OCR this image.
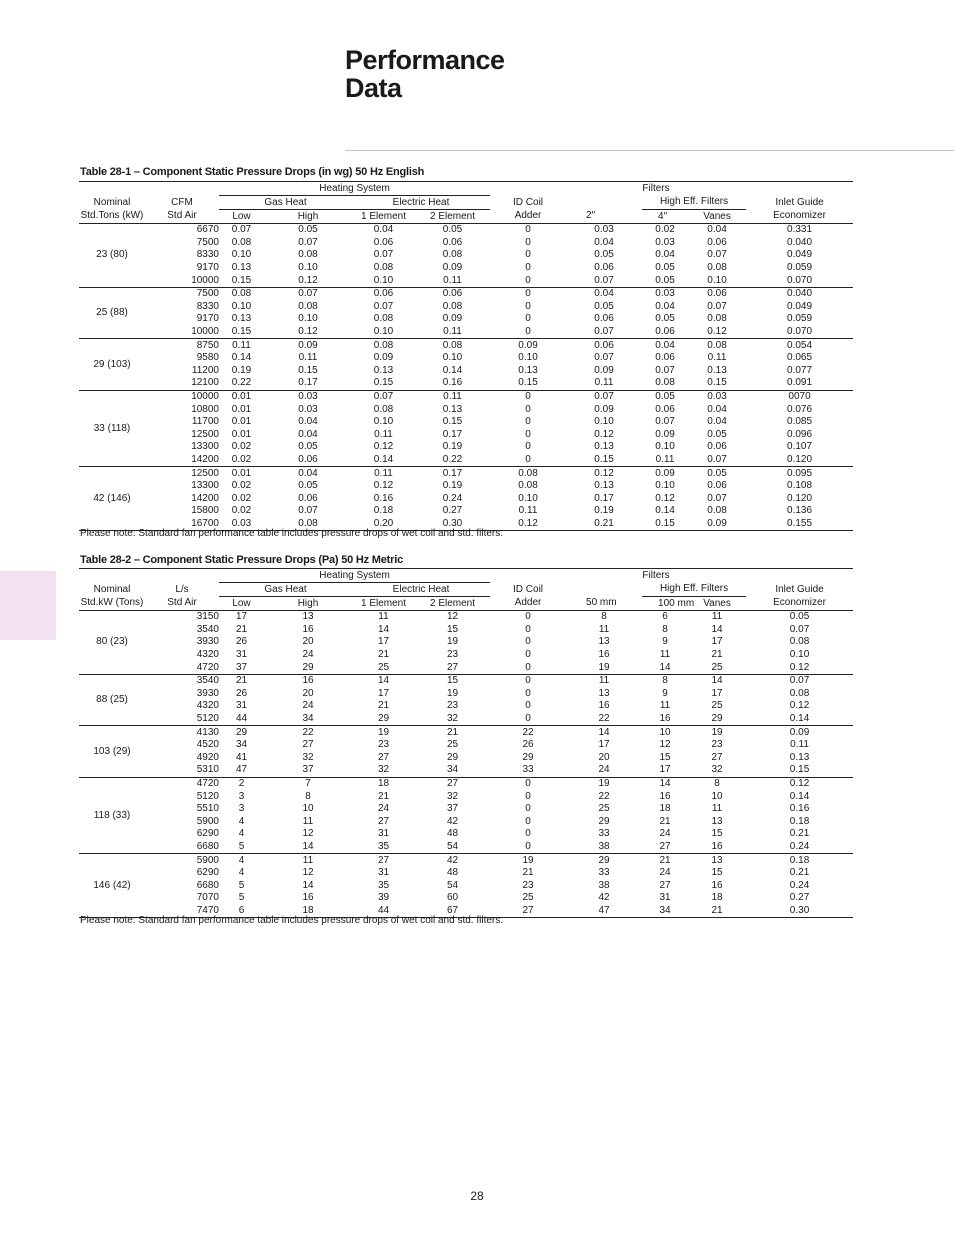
Performance
Data
Table 28-1 – Component Static Pressure Drops (in wg) 50 Hz English
		Heating System					Filters				
Nominal	CFM	Gas Heat		Electric Heat		ID Coil		High Eff. Filters		Inlet Guide	
Std.Tons (kW)	Std Air	Low	High	1 Element	2 Element	Adder	2″	4″	Vanes	Economizer	
23 (80)	6670	0.07	0.05	0.04	0.05	0	0.03	0.02	0.04	0.331	
	7500	0.08	0.07	0.06	0.06	0	0.04	0.03	0.06	0.040	
	8330	0.10	0.08	0.07	0.08	0	0.05	0.04	0.07	0.049	
	9170	0.13	0.10	0.08	0.09	0	0.06	0.05	0.08	0.059	
	10000	0.15	0.12	0.10	0.11	0	0.07	0.05	0.10	0.070	
25 (88)	7500	0.08	0.07	0.06	0.06	0	0.04	0.03	0.06	0.040	
	8330	0.10	0.08	0.07	0.08	0	0.05	0.04	0.07	0.049	
	9170	0.13	0.10	0.08	0.09	0	0.06	0.05	0.08	0.059	
	10000	0.15	0.12	0.10	0.11	0	0.07	0.06	0.12	0.070	
29 (103)	8750	0.11	0.09	0.08	0.08	0.09	0.06	0.04	0.08	0.054	
	9580	0.14	0.11	0.09	0.10	0.10	0.07	0.06	0.11	0.065	
	11200	0.19	0.15	0.13	0.14	0.13	0.09	0.07	0.13	0.077	
	12100	0.22	0.17	0.15	0.16	0.15	0.11	0.08	0.15	0.091	
33 (118)	10000	0.01	0.03	0.07	0.11	0	0.07	0.05	0.03	0070	
	10800	0.01	0.03	0.08	0.13	0	0.09	0.06	0.04	0.076	
	11700	0.01	0.04	0.10	0.15	0	0.10	0.07	0.04	0.085	
	12500	0.01	0.04	0.11	0.17	0	0.12	0.09	0.05	0.096	
	13300	0.02	0.05	0.12	0.19	0	0.13	0.10	0.06	0.107	
	14200	0.02	0.06	0.14	0.22	0	0.15	0.11	0.07	0.120	
42 (146)	12500	0.01	0.04	0.11	0.17	0.08	0.12	0.09	0.05	0.095	
	13300	0.02	0.05	0.12	0.19	0.08	0.13	0.10	0.06	0.108	
	14200	0.02	0.06	0.16	0.24	0.10	0.17	0.12	0.07	0.120	
	15800	0.02	0.07	0.18	0.27	0.11	0.19	0.14	0.08	0.136	
	16700	0.03	0.08	0.20	0.30	0.12	0.21	0.15	0.09	0.155	
Please note: Standard fan performance table includes pressure drops of wet coil and std. filters.
Table 28-2 – Component Static Pressure Drops (Pa) 50 Hz Metric
		Heating System					Filters				
Nominal	L/s	Gas Heat		Electric Heat		ID Coil		High Eff. Filters		Inlet Guide	
Std.kW (Tons)	Std Air	Low	High	1 Element	2 Element	Adder	50 mm	100 mm	Vanes	Economizer	
80 (23)	3150	17	13	11	12	0	8	6	11	0.05	
	3540	21	16	14	15	0	11	8	14	0.07	
	3930	26	20	17	19	0	13	9	17	0.08	
	4320	31	24	21	23	0	16	11	21	0.10	
	4720	37	29	25	27	0	19	14	25	0.12	
88 (25)	3540	21	16	14	15	0	11	8	14	0.07	
	3930	26	20	17	19	0	13	9	17	0.08	
	4320	31	24	21	23	0	16	11	25	0.12	
	5120	44	34	29	32	0	22	16	29	0.14	
103 (29)	4130	29	22	19	21	22	14	10	19	0.09	
	4520	34	27	23	25	26	17	12	23	0.11	
	4920	41	32	27	29	29	20	15	27	0.13	
	5310	47	37	32	34	33	24	17	32	0.15	
118 (33)	4720	2	7	18	27	0	19	14	8	0.12	
	5120	3	8	21	32	0	22	16	10	0.14	
	5510	3	10	24	37	0	25	18	11	0.16	
	5900	4	11	27	42	0	29	21	13	0.18	
	6290	4	12	31	48	0	33	24	15	0.21	
	6680	5	14	35	54	0	38	27	16	0.24	
146 (42)	5900	4	11	27	42	19	29	21	13	0.18	
	6290	4	12	31	48	21	33	24	15	0.21	
	6680	5	14	35	54	23	38	27	16	0.24	
	7070	5	16	39	60	25	42	31	18	0.27	
	7470	6	18	44	67	27	47	34	21	0.30	
Please note: Standard fan performance table includes pressure drops of wet coil and std. filters.
28
